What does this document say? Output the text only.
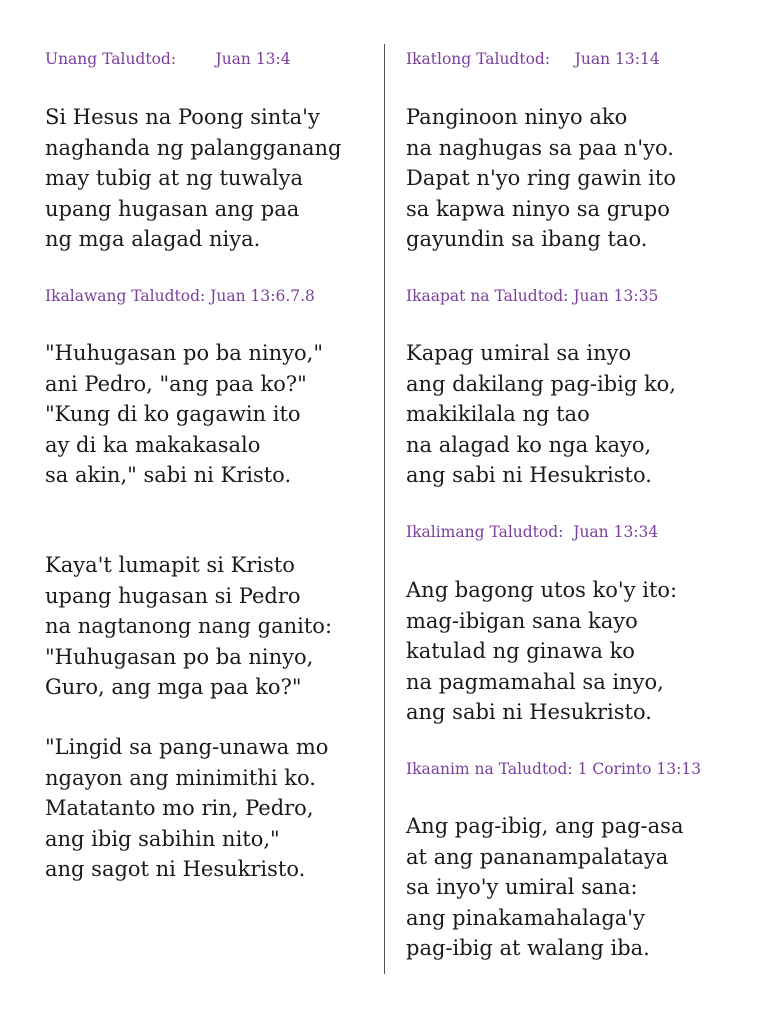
Unang Taludtod:        Juan 13:4
Si Hesus na Poong sinta'y
naghanda ng palangganang
may tubig at ng tuwalya
upang hugasan ang paa
ng mga alagad niya.
Ikalawang Taludtod: Juan 13:6.7.8
"Huhugasan po ba ninyo,"
ani Pedro, "ang paa ko?"
"Kung di ko gagawin ito
ay di ka makakasalo
sa akin," sabi ni Kristo.
Kaya't lumapit si Kristo
upang hugasan si Pedro
na nagtanong nang ganito:
"Huhugasan po ba ninyo,
Guro, ang mga paa ko?"
"Lingid sa pang-unawa mo
ngayon ang minimithi ko.
Matatanto mo rin, Pedro,
ang ibig sabihin nito,"
ang sagot ni Hesukristo.
Ikatlong Taludtod:     Juan 13:14
Panginoon ninyo ako
na naghugas sa paa n'yo.
Dapat n'yo ring gawin ito
sa kapwa ninyo sa grupo
gayundin sa ibang tao.
Ikaapat na Taludtod: Juan 13:35
Kapag umiral sa inyo
ang dakilang pag-ibig ko,
makikilala ng tao
na alagad ko nga kayo,
ang sabi ni Hesukristo.
Ikalimang Taludtod:  Juan 13:34
Ang bagong utos ko'y ito:
mag-ibigan sana kayo
katulad ng ginawa ko
na pagmamahal sa inyo,
ang sabi ni Hesukristo.
Ikaanim na Taludtod: 1 Corinto 13:13
Ang pag-ibig, ang pag-asa
at ang pananampalataya
sa inyo'y umiral sana:
ang pinakamahalaga'y
pag-ibig at walang iba.
